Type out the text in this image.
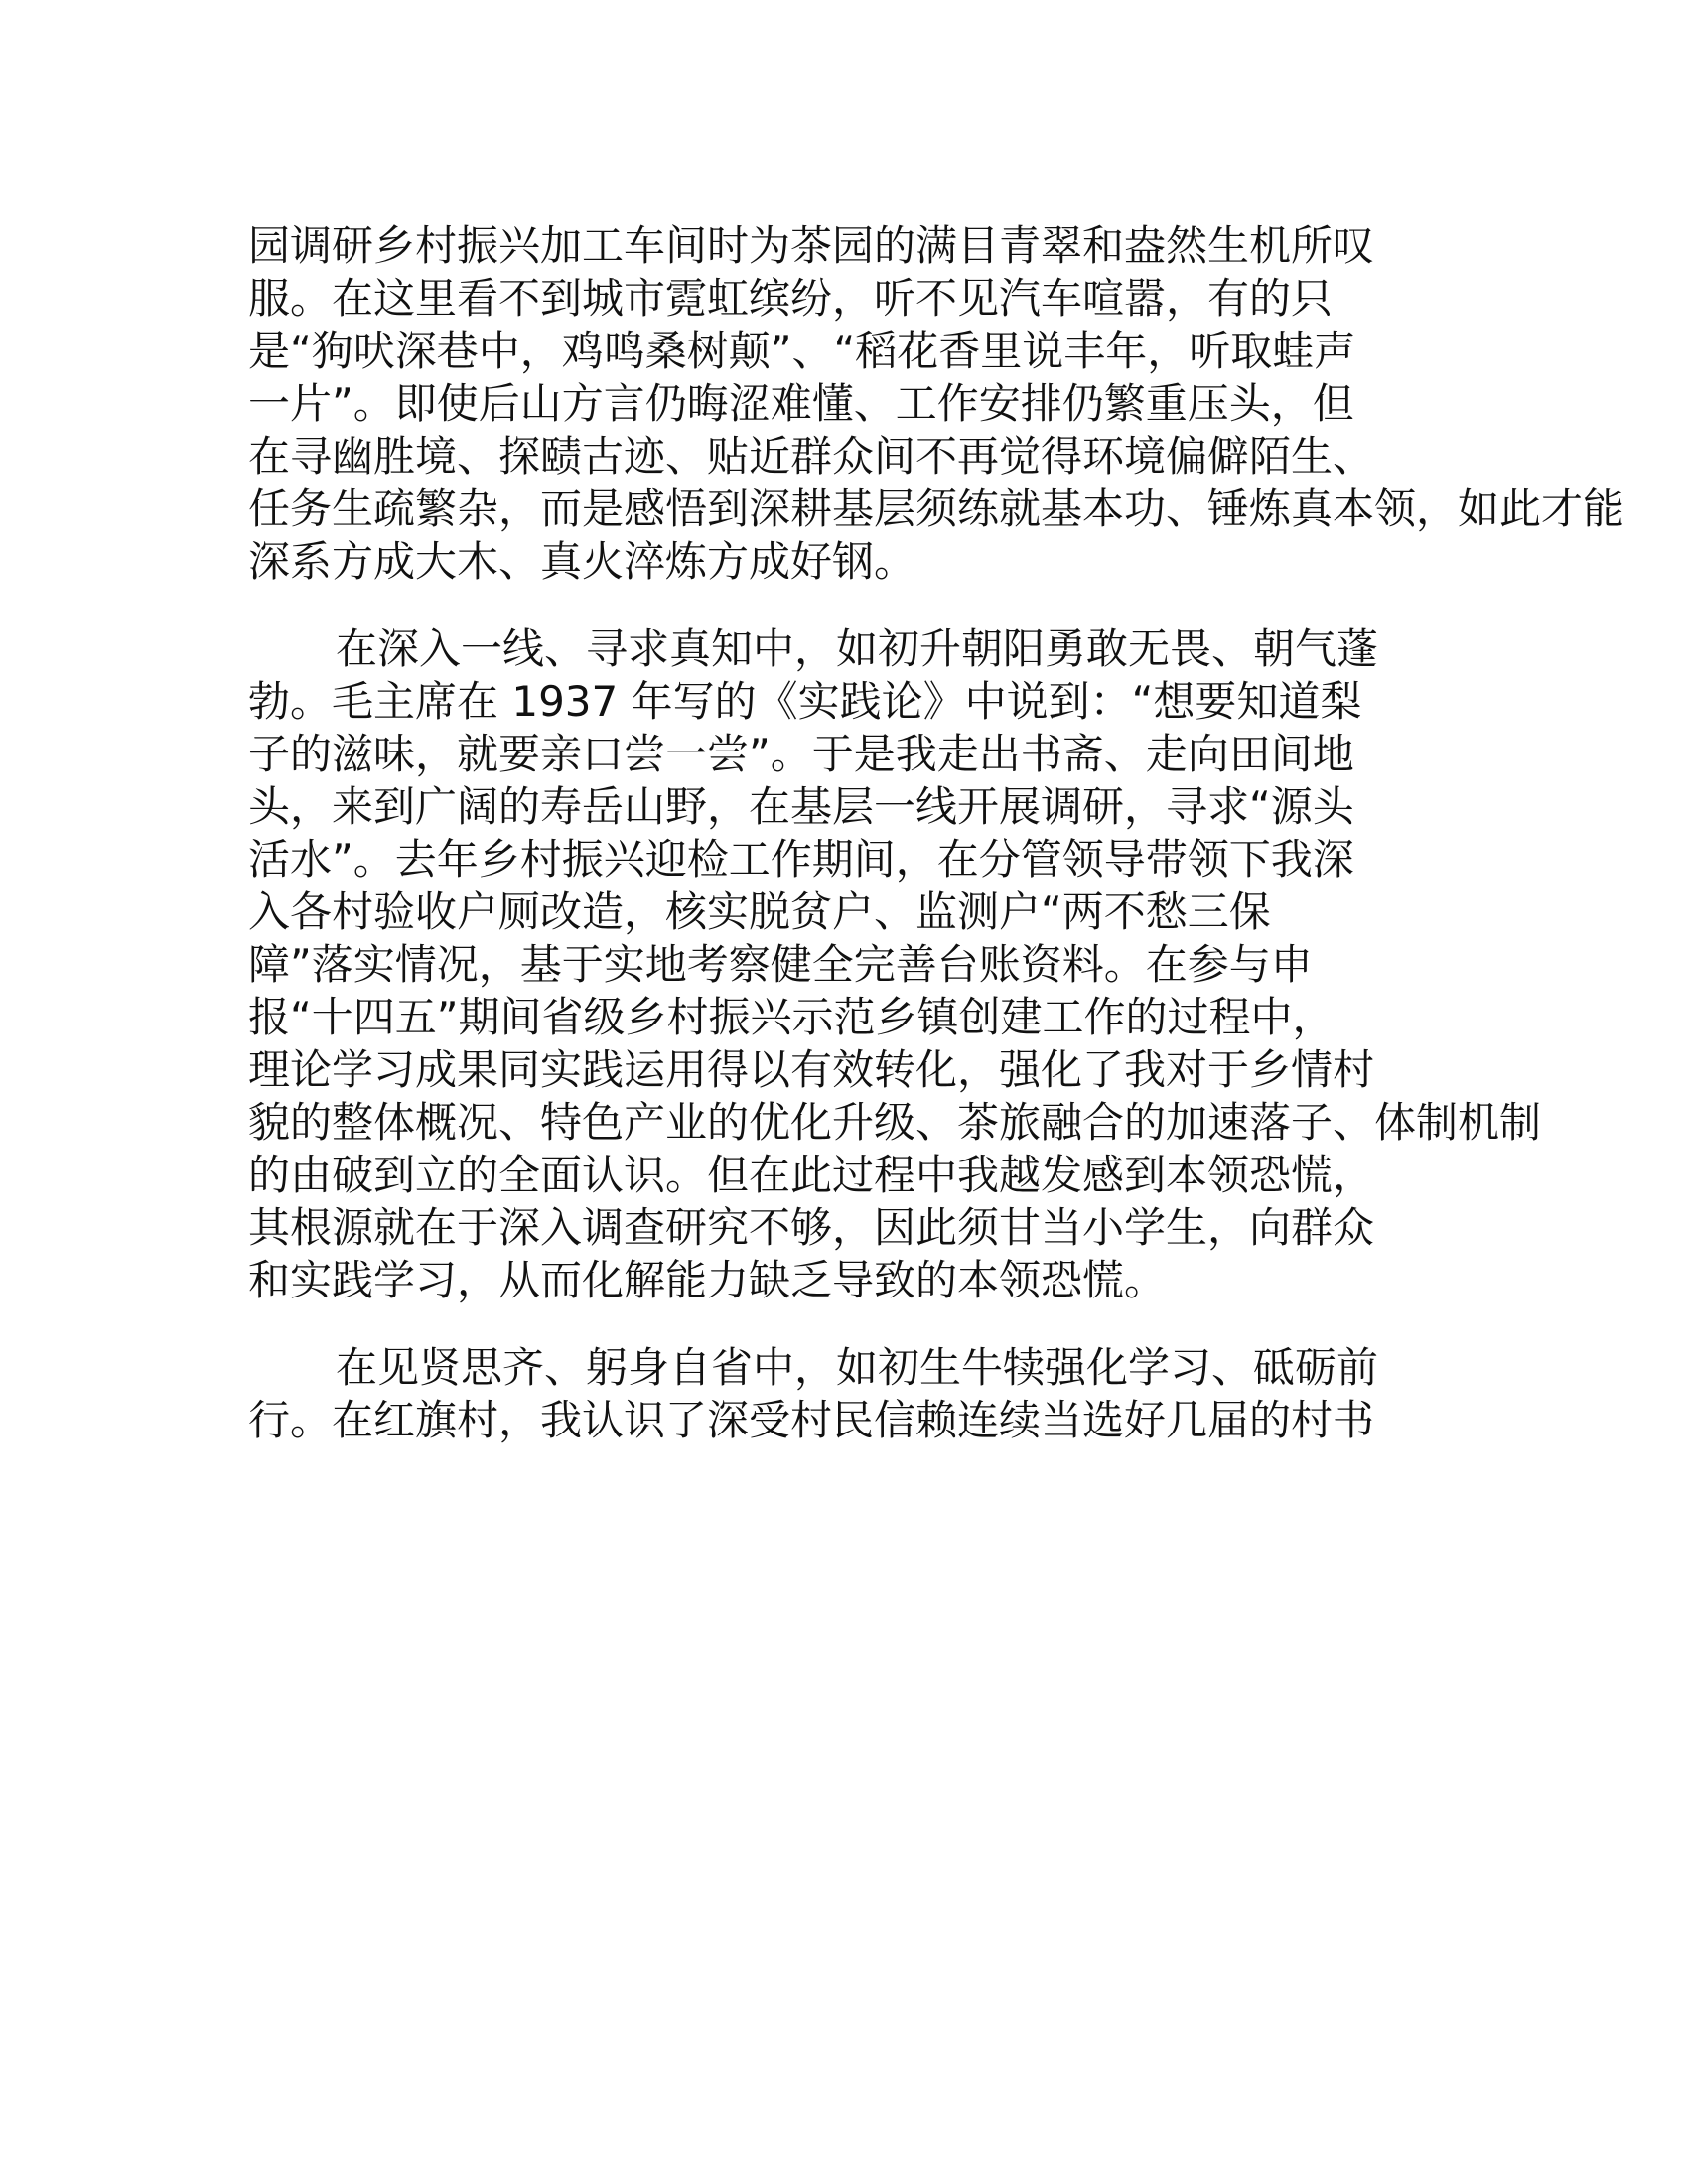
园调研乡村振兴加工车间时为茶园的满目青翠和盎然生机所叹
服。在这里看不到城市霓虹缤纷，听不见汽车喧嚣，有的只
是“狗吠深巷中，鸡鸣桑树颠”、“稻花香里说丰年，听取蛙声
一片”。即使后山方言仍晦涩难懂、工作安排仍繁重压头，但
在寻幽胜境、探赜古迹、贴近群众间不再觉得环境偏僻陌生、
任务生疏繁杂，而是感悟到深耕基层须练就基本功、锤炼真本领，如此才能
深系方成大木、真火淬炼方成好钢。
在深入一线、寻求真知中，如初升朝阳勇敢无畏、朝气蓬
勃。毛主席在 1937 年写的《实践论》中说到：“想要知道梨
子的滋味，就要亲口尝一尝”。于是我走出书斋、走向田间地
头，来到广阔的寿岳山野，在基层一线开展调研，寻求“源头
活水”。去年乡村振兴迎检工作期间，在分管领导带领下我深
入各村验收户厕改造，核实脱贫户、监测户“两不愁三保
障”落实情况，基于实地考察健全完善台账资料。在参与申
报“十四五”期间省级乡村振兴示范乡镇创建工作的过程中，
理论学习成果同实践运用得以有效转化，强化了我对于乡情村
貌的整体概况、特色产业的优化升级、茶旅融合的加速落子、体制机制
的由破到立的全面认识。但在此过程中我越发感到本领恐慌，
其根源就在于深入调查研究不够，因此须甘当小学生，向群众
和实践学习，从而化解能力缺乏导致的本领恐慌。
在见贤思齐、躬身自省中，如初生牛犊强化学习、砥砺前
行。在红旗村，我认识了深受村民信赖连续当选好几届的村书
